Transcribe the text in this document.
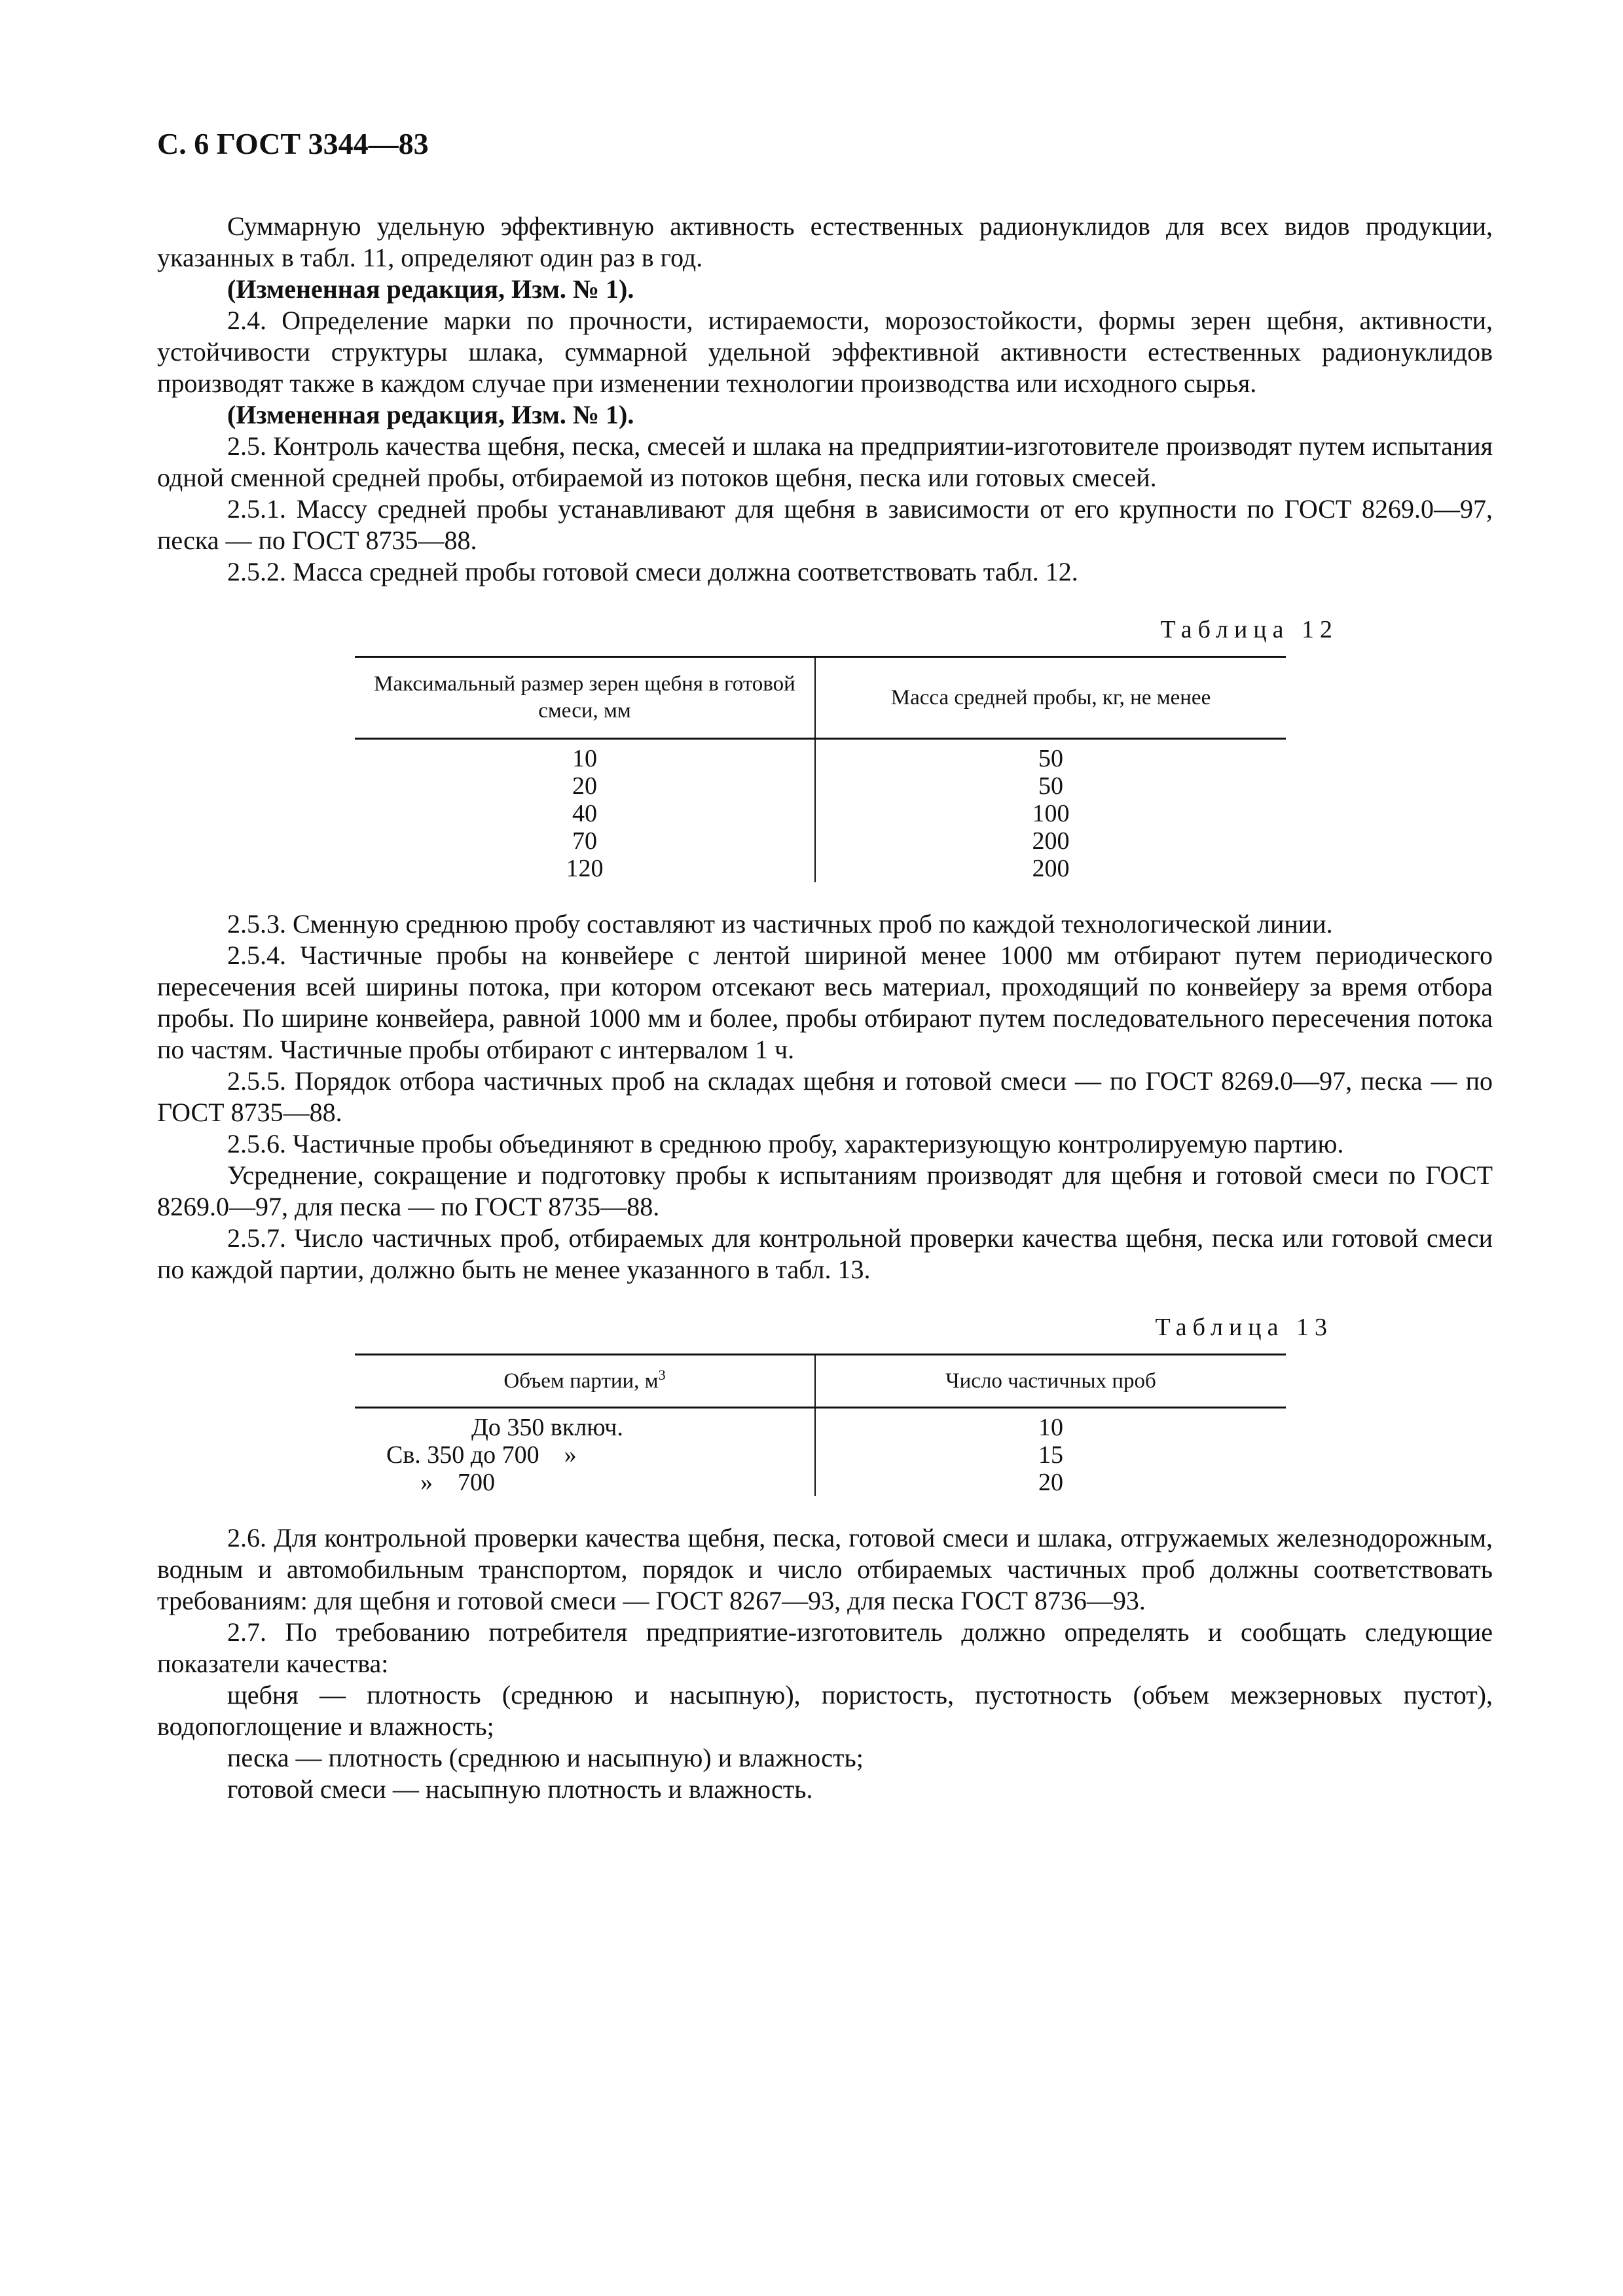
С. 6 ГОСТ 3344—83

Суммарную удельную эффективную активность естественных радионуклидов для всех видов продукции, указанных в табл. 11, определяют один раз в год.

(Измененная редакция, Изм. № 1).

2.4. Определение марки по прочности, истираемости, морозостойкости, формы зерен щебня, активности, устойчивости структуры шлака, суммарной удельной эффективной активности естественных радионуклидов производят также в каждом случае при изменении технологии производства или исходного сырья.

(Измененная редакция, Изм. № 1).

2.5. Контроль качества щебня, песка, смесей и шлака на предприятии-изготовителе производят путем испытания одной сменной средней пробы, отбираемой из потоков щебня, песка или готовых смесей.

2.5.1. Массу средней пробы устанавливают для щебня в зависимости от его крупности по ГОСТ 8269.0—97, песка — по ГОСТ 8735—88.

2.5.2. Масса средней пробы готовой смеси должна соответствовать табл. 12.

Таблица 12
Максимальный размер зерен щебня в готовой смеси, мм	Масса средней пробы, кг, не менее
10	50
20	50
40	100
70	200
120	200

2.5.3. Сменную среднюю пробу составляют из частичных проб по каждой технологической линии.

2.5.4. Частичные пробы на конвейере с лентой шириной менее 1000 мм отбирают путем периодического пересечения всей ширины потока, при котором отсекают весь материал, проходящий по конвейеру за время отбора пробы. По ширине конвейера, равной 1000 мм и более, пробы отбирают путем последовательного пересечения потока по частям. Частичные пробы отбирают с интервалом 1 ч.

2.5.5. Порядок отбора частичных проб на складах щебня и готовой смеси — по ГОСТ 8269.0—97, песка — по ГОСТ 8735—88.

2.5.6. Частичные пробы объединяют в среднюю пробу, характеризующую контролируемую партию.

Усреднение, сокращение и подготовку пробы к испытаниям производят для щебня и готовой смеси по ГОСТ 8269.0—97, для песка — по ГОСТ 8735—88.

2.5.7. Число частичных проб, отбираемых для контрольной проверки качества щебня, песка или готовой смеси по каждой партии, должно быть не менее указанного в табл. 13.

Таблица 13
Объем партии, $м^3$	Число частичных проб
До 350 включ.	10
Св. 350 до 700    »	15
»    700	20

2.6. Для контрольной проверки качества щебня, песка, готовой смеси и шлака, отгружаемых железнодорожным, водным и автомобильным транспортом, порядок и число отбираемых частичных проб должны соответствовать требованиям: для щебня и готовой смеси — ГОСТ 8267—93, для песка ГОСТ 8736—93.

2.7. По требованию потребителя предприятие-изготовитель должно определять и сообщать следующие показатели качества:

щебня — плотность (среднюю и насыпную), пористость, пустотность (объем межзерновых пустот), водопоглощение и влажность;

песка — плотность (среднюю и насыпную) и влажность;

готовой смеси — насыпную плотность и влажность.
